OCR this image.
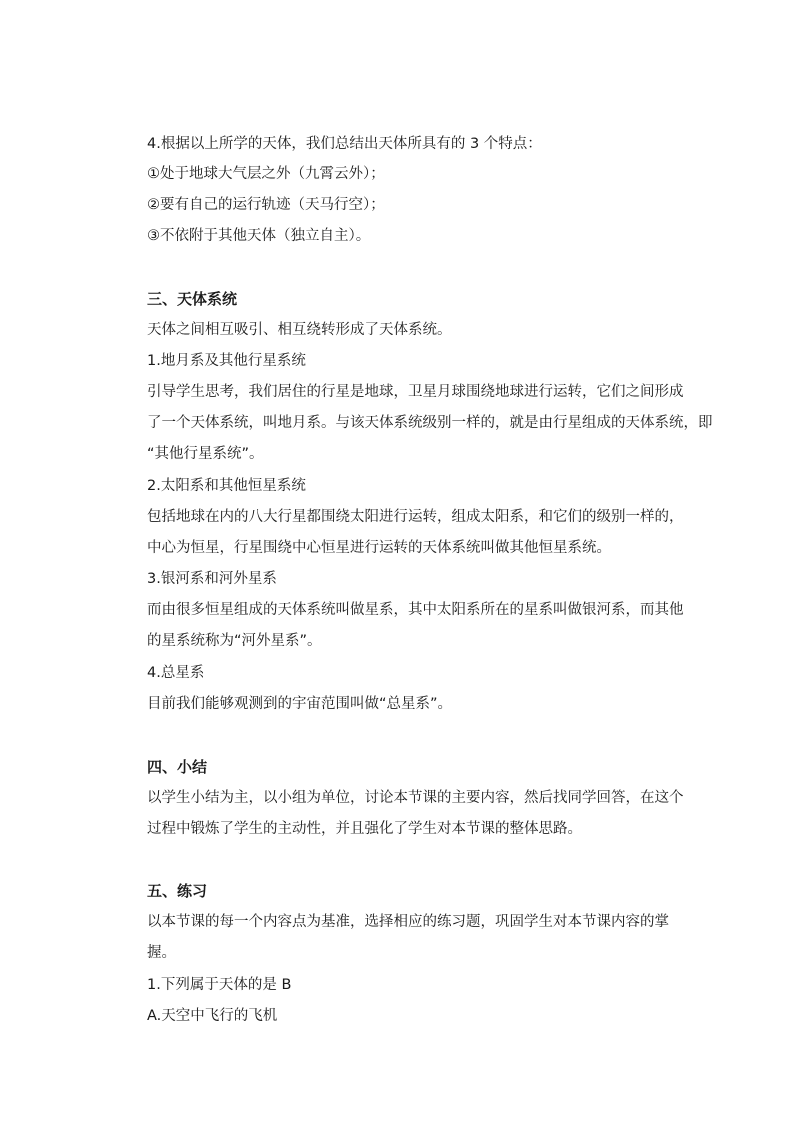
4.根据以上所学的天体，我们总结出天体所具有的 3 个特点：
①处于地球大气层之外（九霄云外）；
②要有自己的运行轨迹（天马行空）；
③不依附于其他天体（独立自主）。
三、天体系统
天体之间相互吸引、相互绕转形成了天体系统。
1.地月系及其他行星系统
引导学生思考，我们居住的行星是地球，卫星月球围绕地球进行运转，它们之间形成
了一个天体系统，叫地月系。与该天体系统级别一样的，就是由行星组成的天体系统，即
“其他行星系统”。
2.太阳系和其他恒星系统
包括地球在内的八大行星都围绕太阳进行运转，组成太阳系，和它们的级别一样的，
中心为恒星，行星围绕中心恒星进行运转的天体系统叫做其他恒星系统。
3.银河系和河外星系
而由很多恒星组成的天体系统叫做星系，其中太阳系所在的星系叫做银河系，而其他
的星系统称为“河外星系”。
4.总星系
目前我们能够观测到的宇宙范围叫做“总星系”。
四、小结
以学生小结为主，以小组为单位，讨论本节课的主要内容，然后找同学回答，在这个
过程中锻炼了学生的主动性，并且强化了学生对本节课的整体思路。
五、练习
以本节课的每一个内容点为基准，选择相应的练习题，巩固学生对本节课内容的掌
握。
1.下列属于天体的是 B
A.天空中飞行的飞机
